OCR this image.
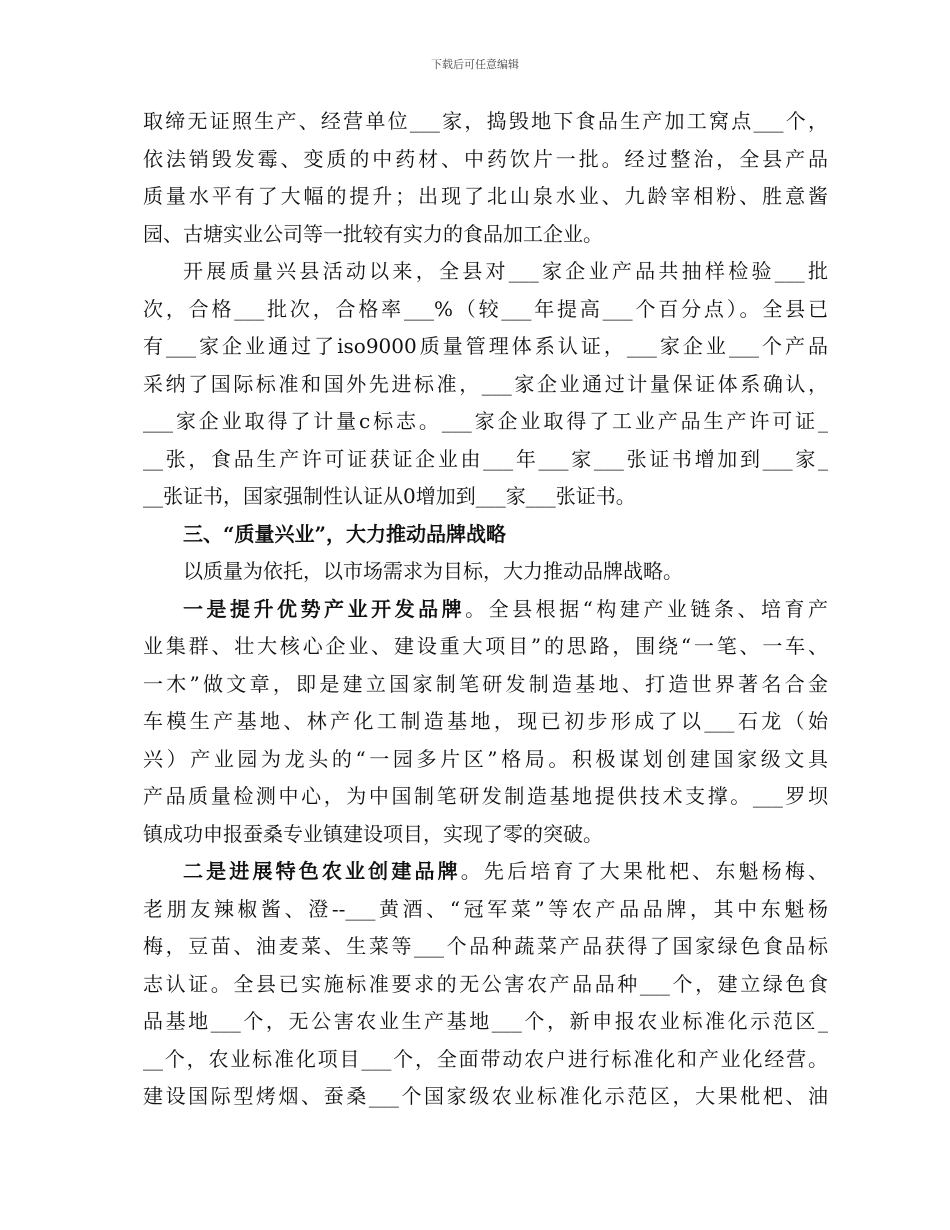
下载后可任意编辑
取缔无证照生产、经营单位___家，捣毁地下食品生产加工窝点___个，
依法销毁发霉、变质的中药材、中药饮片一批。经过整治，全县产品
质量水平有了大幅的提升；出现了北山泉水业、九龄宰相粉、胜意酱
园、古塘实业公司等一批较有实力的食品加工企业。
开展质量兴县活动以来，全县对___家企业产品共抽样检验___批
次，合格___批次，合格率___%（较___年提高___个百分点）。全县已
有___家企业通过了iso9000质量管理体系认证，___家企业___个产品
采纳了国际标准和国外先进标准，___家企业通过计量保证体系确认，
___家企业取得了计量c标志。___家企业取得了工业产品生产许可证_
__张，食品生产许可证获证企业由___年___家___张证书增加到___家_
__张证书，国家强制性认证从0增加到___家___张证书。
三、“质量兴业”，大力推动品牌战略
以质量为依托，以市场需求为目标，大力推动品牌战略。
一是提升优势产业开发品牌。全县根据“构建产业链条、培育产
业集群、壮大核心企业、建设重大项目”的思路，围绕“一笔、一车、
一木”做文章，即是建立国家制笔研发制造基地、打造世界著名合金
车模生产基地、林产化工制造基地，现已初步形成了以___石龙（始
兴）产业园为龙头的“一园多片区”格局。积极谋划创建国家级文具
产品质量检测中心，为中国制笔研发制造基地提供技术支撑。___罗坝
镇成功申报蚕桑专业镇建设项目，实现了零的突破。
二是进展特色农业创建品牌。先后培育了大果枇杷、东魁杨梅、
老朋友辣椒酱、澄--___黄酒、“冠军菜”等农产品品牌，其中东魁杨
梅，豆苗、油麦菜、生菜等___个品种蔬菜产品获得了国家绿色食品标
志认证。全县已实施标准要求的无公害农产品品种___个，建立绿色食
品基地___个，无公害农业生产基地___个，新申报农业标准化示范区_
__个，农业标准化项目___个，全面带动农户进行标准化和产业化经营。
建设国际型烤烟、蚕桑___个国家级农业标准化示范区，大果枇杷、油
